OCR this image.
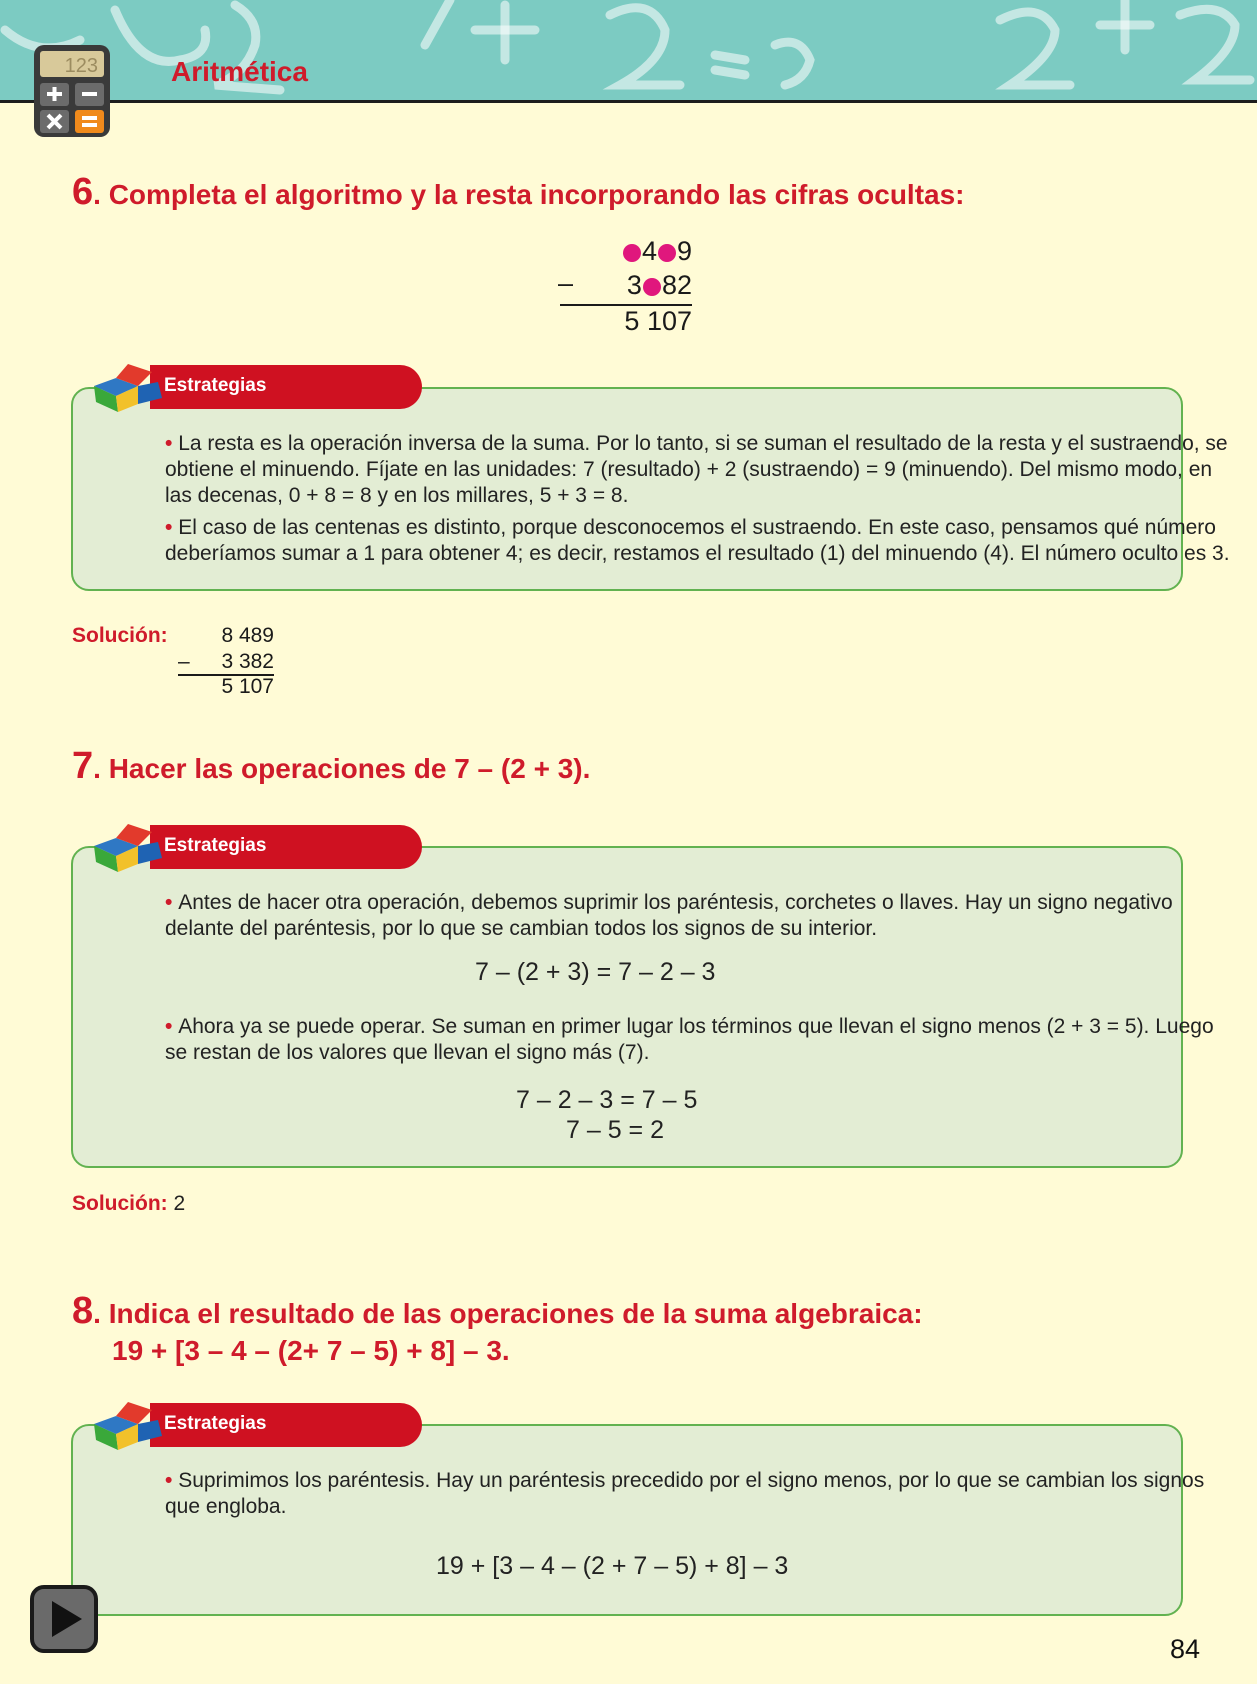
123	Aritmética
6. Completa el algoritmo y la resta incorporando las cifras ocultas:
4 9
3 82
–
5 107
• La resta es la operación inversa de la suma. Por lo tanto, si se suman el resultado de la resta y el sustraendo, se obtiene el minuendo. Fíjate en las unidades: 7 (resultado) + 2 (sustraendo) = 9 (minuendo). Del mismo modo, en las decenas, 0 + 8 = 8 y en los millares, 5 + 3 = 8.
• El caso de las centenas es distinto, porque desconocemos el sustraendo. En este caso, pensamos qué número deberíamos sumar a 1 para obtener 4; es decir, restamos el resultado (1) del minuendo (4). El número oculto es 3.
Estrategias
Solución:	8 489
– 3 382
5 107
7. Hacer las operaciones de 7 – (2 + 3).
• Antes de hacer otra operación, debemos suprimir los paréntesis, corchetes o llaves. Hay un signo negativo delante del paréntesis, por lo que se cambian todos los signos de su interior.
7 – (2 + 3) = 7 – 2 – 3
• Ahora ya se puede operar. Se suman en primer lugar los términos que llevan el signo menos (2 + 3 = 5). Luego se restan de los valores que llevan el signo más (7).
7 – 2 – 3 = 7 – 5
7 – 5 = 2
Estrategias
Solución: 2
8. Indica el resultado de las operaciones de la suma algebraica:
19 + [3 – 4 – (2+ 7 – 5) + 8] – 3.
• Suprimimos los paréntesis. Hay un paréntesis precedido por el signo menos, por lo que se cambian los signos que engloba.
19 + [3 – 4 – (2 + 7 – 5) + 8] – 3
Estrategias
84
